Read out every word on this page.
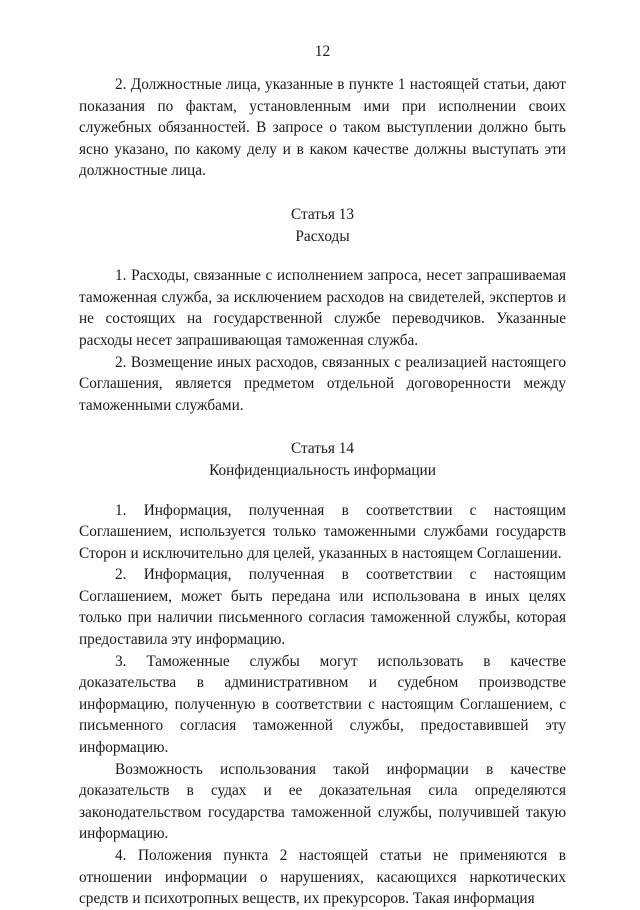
12

2. Должностные лица, указанные в пункте 1 настоящей статьи, дают показания по фактам, установленным ими при исполнении своих служебных обязанностей. В запросе о таком выступлении должно быть ясно указано, по какому делу и в каком качестве должны выступать эти должностные лица.

Статья 13

Расходы

1. Расходы, связанные с исполнением запроса, несет запрашиваемая таможенная служба, за исключением расходов на свидетелей, экспертов и не состоящих на государственной службе переводчиков. Указанные расходы несет запрашивающая таможенная служба.

2. Возмещение иных расходов, связанных с реализацией настоящего Соглашения, является предметом отдельной договоренности между таможенными службами.

Статья 14

Конфиденциальность информации

1. Информация, полученная в соответствии с настоящим Соглашением, используется только таможенными службами государств Сторон и исключительно для целей, указанных в настоящем Соглашении.

2. Информация, полученная в соответствии с настоящим Соглашением, может быть передана или использована в иных целях только при наличии письменного согласия таможенной службы, которая предоставила эту информацию.

3. Таможенные службы могут использовать в качестве доказательства в административном и судебном производстве информацию, полученную в соответствии с настоящим Соглашением, с письменного согласия таможенной службы, предоставившей эту информацию.

Возможность использования такой информации в качестве доказательств в судах и ее доказательная сила определяются законодательством государства таможенной службы, получившей такую информацию.

4. Положения пункта 2 настоящей статьи не применяются в отношении информации о нарушениях, касающихся наркотических средств и психотропных веществ, их прекурсоров. Такая информация
